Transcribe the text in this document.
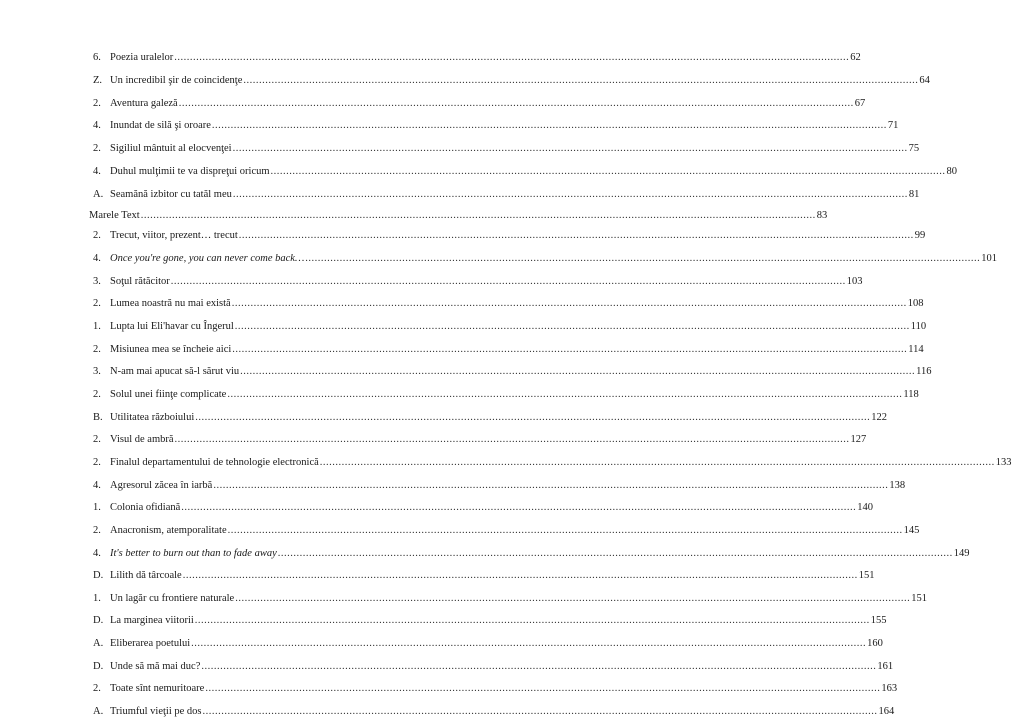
6. Poezia uralelor .....	62
Z. Un incredibil şir de coincidenţe .....	64
2. Aventura galeză .....	67
4. Inundat de silă şi oroare .....	71
2. Sigiliul mântuit al elocvenţei .....	75
4. Duhul mulţimii te va dispreţui oricum .....	80
A. Seamănă izbitor cu tatăl meu .....	81
Marele Text .....	83
2. Trecut, viitor, prezent… trecut .....	99
4. Once you're gone, you can never come back… .....	101
3. Soţul rătăcitor .....	103
2. Lumea noastră nu mai există .....	108
1. Lupta lui Eli'havar cu Îngerul .....	110
2. Misiunea mea se încheie aici .....	114
3. N-am mai apucat să-l sărut viu .....	116
2. Solul unei fiinţe complicate .....	118
B. Utilitatea războiului .....	122
2. Visul de ambră .....	127
2. Finalul departamentului de tehnologie electronică .....	133
4. Agresorul zăcea în iarbă .....	138
1. Colonia ofidiană .....	140
2. Anacronism, atemporalitate .....	145
4. It's better to burn out than to fade away .....	149
D. Lilith dă târcoale .....	151
1. Un lagăr cu frontiere naturale .....	151
D. La marginea viitorii .....	155
A. Eliberarea poetului .....	160
D. Unde să mă mai duc? .....	161
2. Toate sînt nemuritoare .....	163
A. Triumful vieţii pe dos .....	164
